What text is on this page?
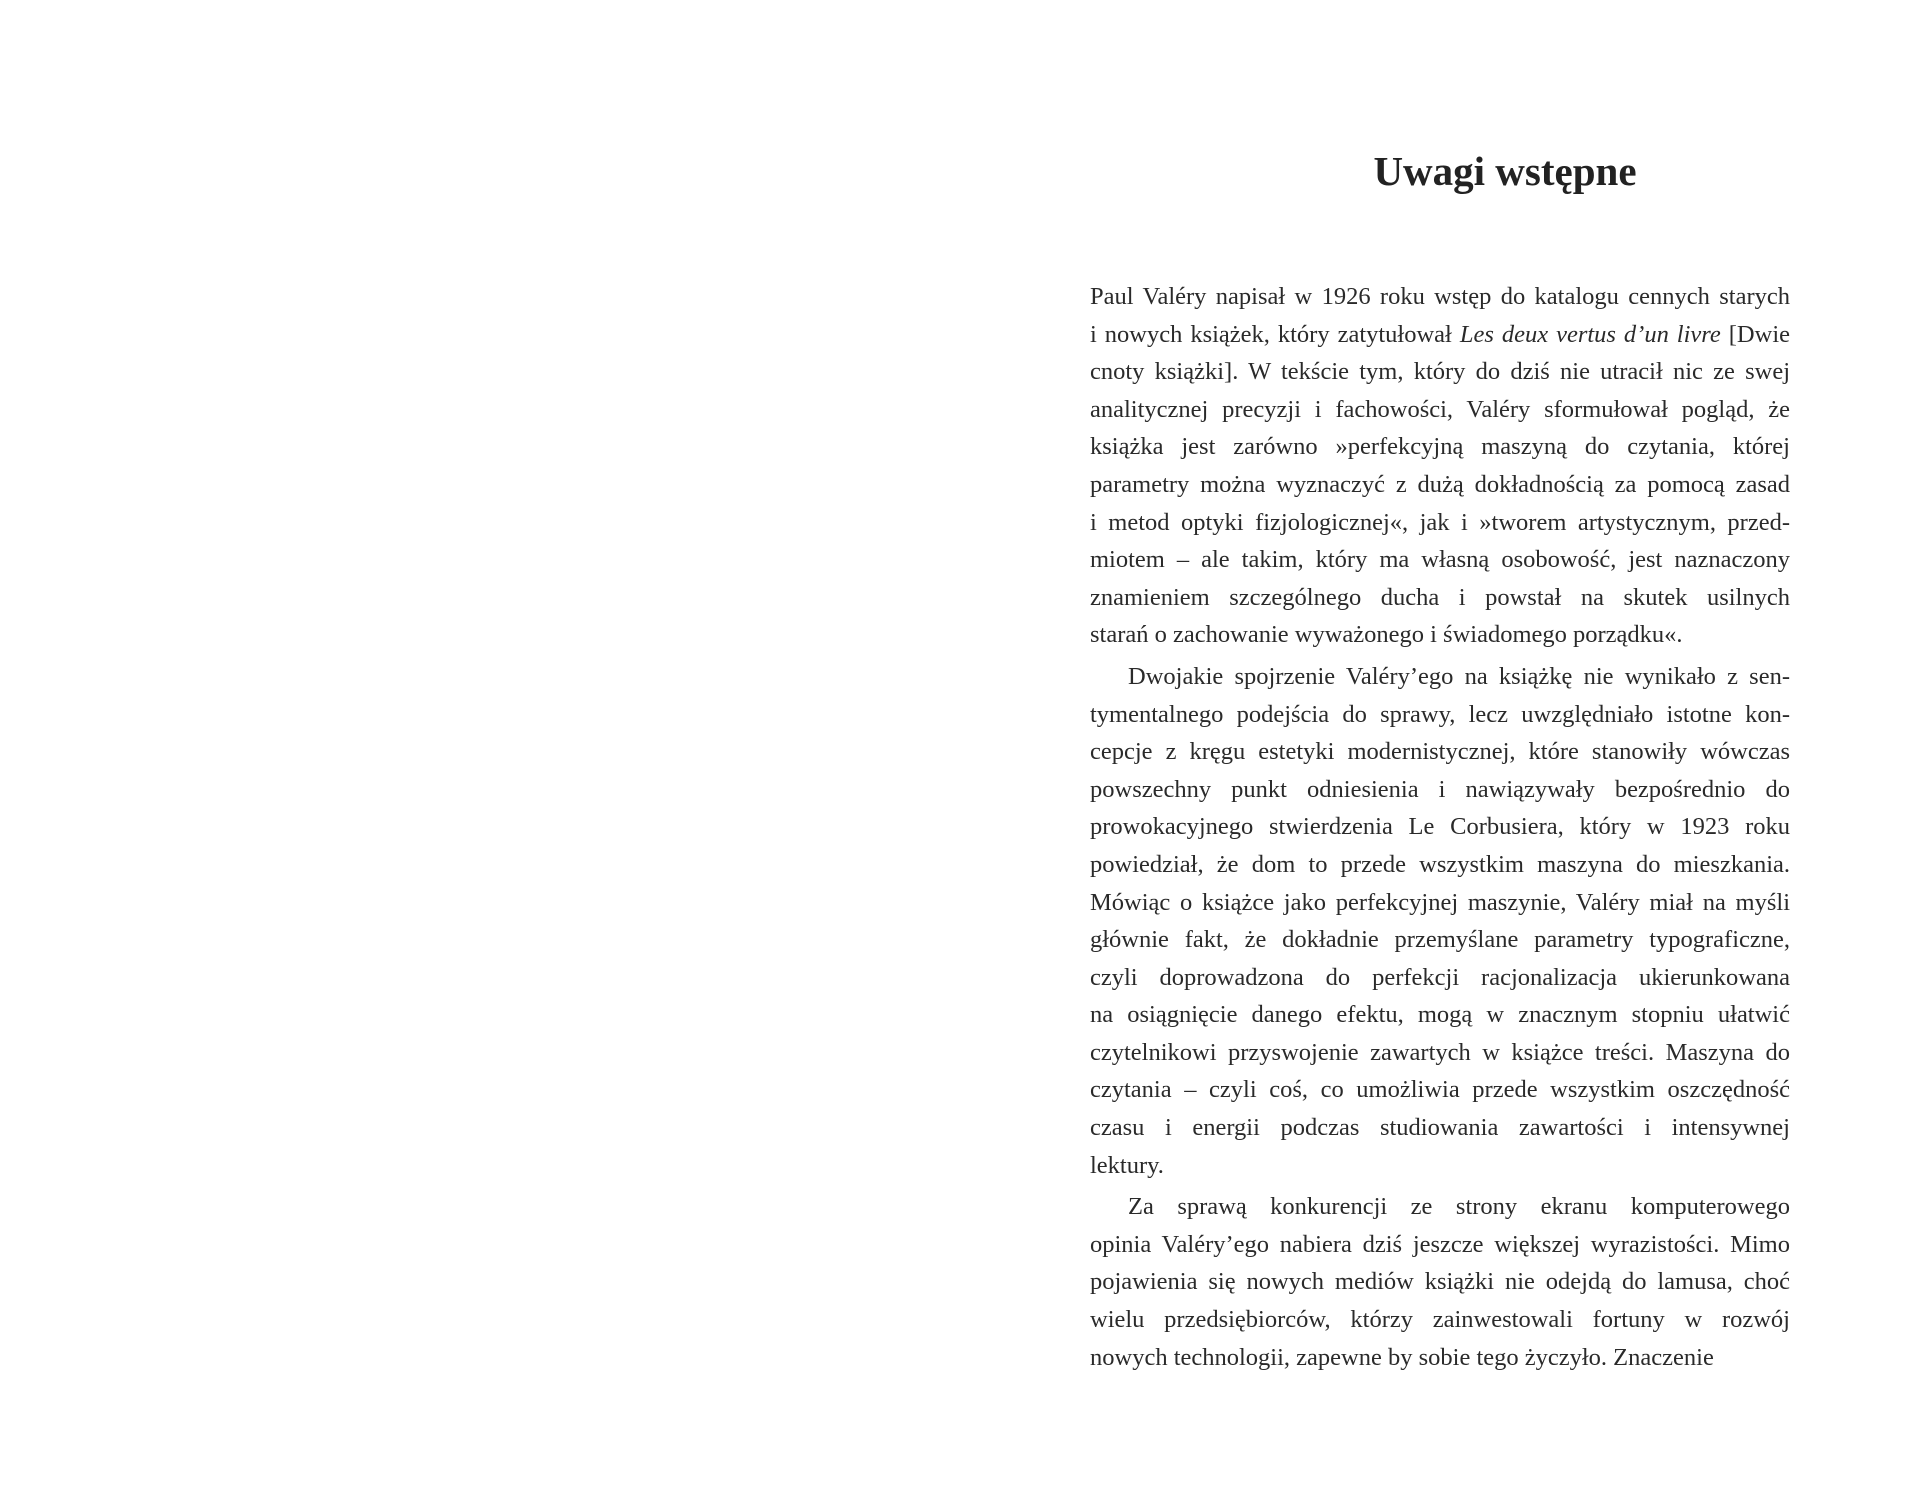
Uwagi wstępne
Paul Valéry napisał w 1926 roku wstęp do katalogu cennych starych
i nowych książek, który zatytułował Les deux vertus d’un livre [Dwie
cnoty książki]. W tekście tym, który do dziś nie utracił nic ze swej
analitycznej precyzji i fachowości, Valéry sformułował pogląd, że
książka jest zarówno »perfekcyjną maszyną do czytania, której
parametry można wyznaczyć z dużą dokładnością za pomocą zasad
i metod optyki fizjologicznej«, jak i »tworem artystycznym, przed-
miotem – ale takim, który ma własną osobowość, jest naznaczony
znamieniem szczególnego ducha i powstał na skutek usilnych
starań o zachowanie wyważonego i świadomego porządku«.
Dwojakie spojrzenie Valéry’ego na książkę nie wynikało z sen-
tymentalnego podejścia do sprawy, lecz uwzględniało istotne kon-
cepcje z kręgu estetyki modernistycznej, które stanowiły wówczas
powszechny punkt odniesienia i nawiązywały bezpośrednio do
prowokacyjnego stwierdzenia Le Corbusiera, który w 1923 roku
powiedział, że dom to przede wszystkim maszyna do mieszkania.
Mówiąc o książce jako perfekcyjnej maszynie, Valéry miał na myśli
głównie fakt, że dokładnie przemyślane parametry typograficzne,
czyli doprowadzona do perfekcji racjonalizacja ukierunkowana
na osiągnięcie danego efektu, mogą w znacznym stopniu ułatwić
czytelnikowi przyswojenie zawartych w książce treści. Maszyna do
czytania – czyli coś, co umożliwia przede wszystkim oszczędność
czasu i energii podczas studiowania zawartości i intensywnej
lektury.
Za sprawą konkurencji ze strony ekranu komputerowego
opinia Valéry’ego nabiera dziś jeszcze większej wyrazistości. Mimo
pojawienia się nowych mediów książki nie odejdą do lamusa, choć
wielu przedsiębiorców, którzy zainwestowali fortuny w rozwój
nowych technologii, zapewne by sobie tego życzyło. Znaczenie
